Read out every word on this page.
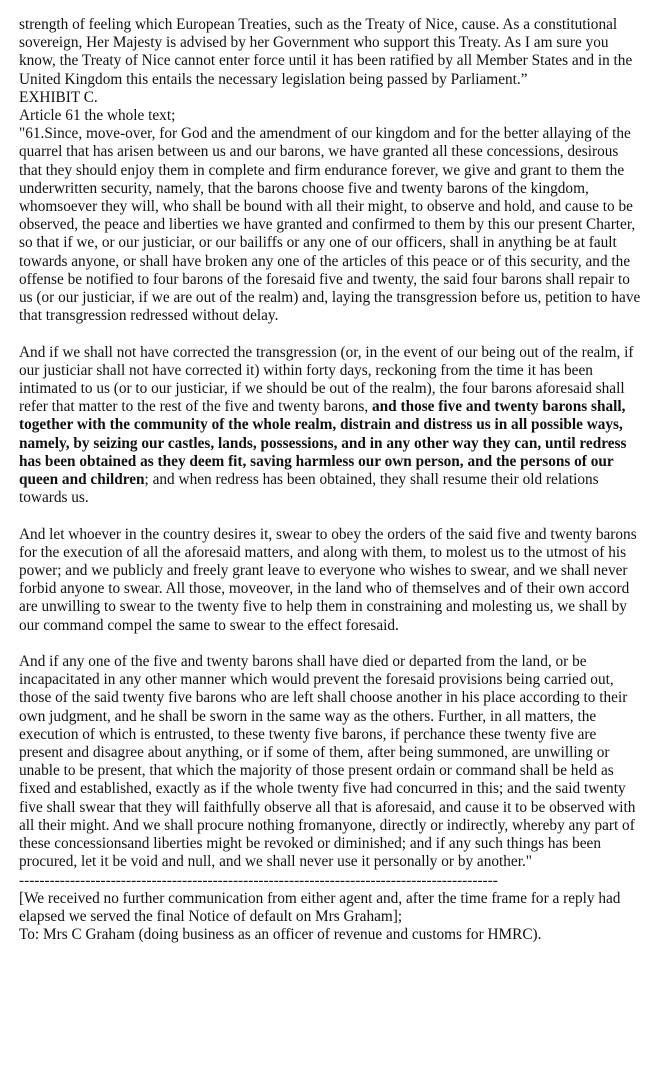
strength of feeling which European Treaties, such as the Treaty of Nice, cause. As a constitutional sovereign, Her Majesty is advised by her Government who support this Treaty. As I am sure you know, the Treaty of Nice cannot enter force until it has been ratified by all Member States and in the United Kingdom this entails the necessary legislation being passed by Parliament.”

EXHIBIT C.
Article 61 the whole text;

"61.Since, move-over, for God and the amendment of our kingdom and for the better allaying of the quarrel that has arisen between us and our barons, we have granted all these concessions, desirous that they should enjoy them in complete and firm endurance forever, we give and grant to them the underwritten security, namely, that the barons choose five and twenty barons of the kingdom, whomsoever they will, who shall be bound with all their might, to observe and hold, and cause to be observed, the peace and liberties we have granted and confirmed to them by this our present Charter, so that if we, or our justiciar, or our bailiffs or any one of our officers, shall in anything be at fault towards anyone, or shall have broken any one of the articles of this peace or of this security, and the offense be notified to four barons of the foresaid five and twenty, the said four barons shall repair to us (or our justiciar, if we are out of the realm) and, laying the transgression before us, petition to have that transgression redressed without delay.

And if we shall not have corrected the transgression (or, in the event of our being out of the realm, if our justiciar shall not have corrected it) within forty days, reckoning from the time it has been intimated to us (or to our justiciar, if we should be out of the realm), the four barons aforesaid shall refer that matter to the rest of the five and twenty barons, and those five and twenty barons shall, together with the community of the whole realm, distrain and distress us in all possible ways, namely, by seizing our castles, lands, possessions, and in any other way they can, until redress has been obtained as they deem fit, saving harmless our own person, and the persons of our queen and children; and when redress has been obtained, they shall resume their old relations towards us.

And let whoever in the country desires it, swear to obey the orders of the said five and twenty barons for the execution of all the aforesaid matters, and along with them, to molest us to the utmost of his power; and we publicly and freely grant leave to everyone who wishes to swear, and we shall never forbid anyone to swear. All those, moveover, in the land who of themselves and of their own accord are unwilling to swear to the twenty five to help them in constraining and molesting us, we shall by our command compel the same to swear to the effect foresaid.

And if any one of the five and twenty barons shall have died or departed from the land, or be incapacitated in any other manner which would prevent the foresaid provisions being carried out, those of the said twenty five barons who are left shall choose another in his place according to their own judgment, and he shall be sworn in the same way as the others. Further, in all matters, the execution of which is entrusted, to these twenty five barons, if perchance these twenty five are present and disagree about anything, or if some of them, after being summoned, are unwilling or unable to be present, that which the majority of those present ordain or command shall be held as fixed and established, exactly as if the whole twenty five had concurred in this; and the said twenty five shall swear that they will faithfully observe all that is aforesaid, and cause it to be observed with all their might. And we shall procure nothing fromanyone, directly or indirectly, whereby any part of these concessionsand liberties might be revoked or diminished; and if any such things has been procured, let it be void and null, and we shall never use it personally or by another."

----------------------------------------------------------------------------------------------

[We received no further communication from either agent and, after the time frame for a reply had elapsed we served the final Notice of default on Mrs Graham];

To: Mrs C Graham (doing business as an officer of revenue and customs for HMRC).
